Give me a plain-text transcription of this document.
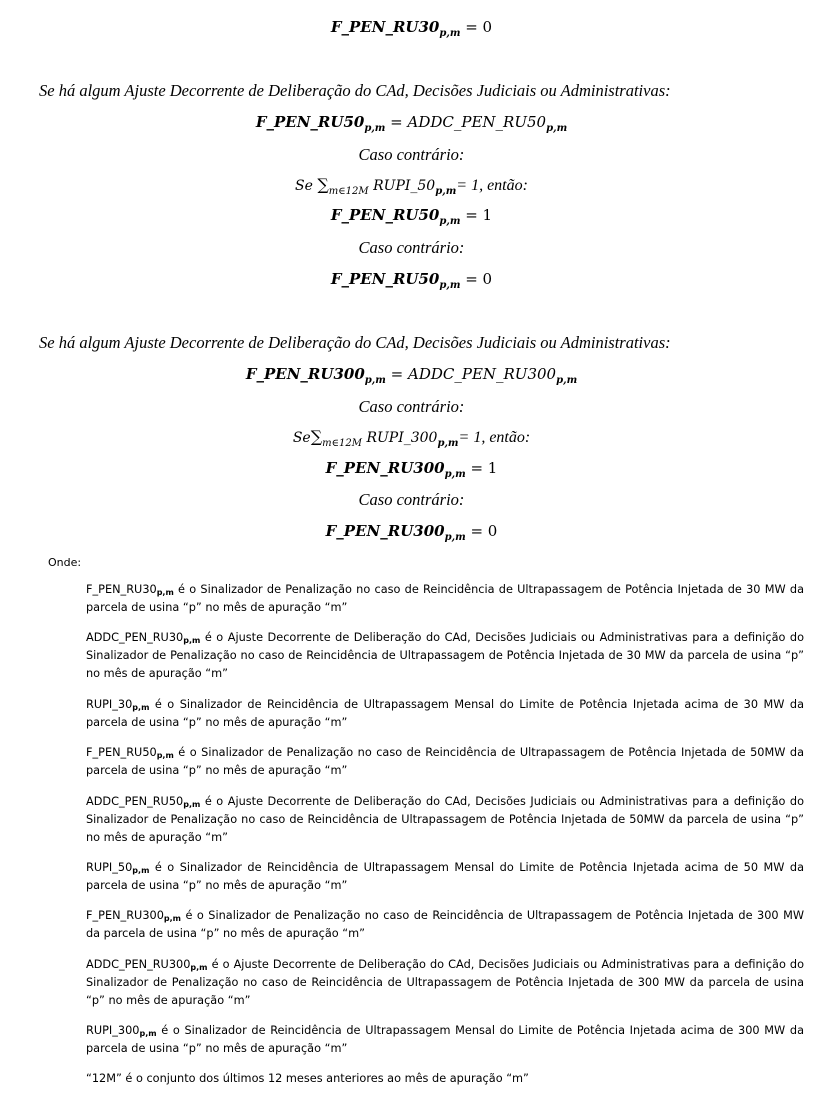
$F\_PEN\_RU30_{p,m} = 0$
Se há algum Ajuste Decorrente de Deliberação do CAd, Decisões Judiciais ou Administrativas:
$F\_PEN\_RU50_{p,m}$ = $ADDC\_PEN\_RU50_{p,m}$
Caso contrário:
Se $\sum_{m\in 12M}$ $RUPI\_50_{p,m}= 1$, então:
$F\_PEN\_RU50_{p,m} = 1$
Caso contrário:
$F\_PEN\_RU50_{p,m} = 0$
Se há algum Ajuste Decorrente de Deliberação do CAd, Decisões Judiciais ou Administrativas:
$F\_PEN\_RU300_{p,m}$ = $ADDC\_PEN\_RU300_{p,m}$
Caso contrário:
$Se\sum_{m\in 12M}$ $RUPI\_300_{p,m}= 1$, então:
$F\_PEN\_RU300_{p,m} = 1$
Caso contrário:
$F\_PEN\_RU300_{p,m} = 0$
Onde:
$F\_PEN\_RU30_{p,m}$ é o Sinalizador de Penalização no caso de Reincidência de Ultrapassagem de Potência Injetada de 30 MW da parcela de usina “p” no mês de apuração “m”
$ADDC\_PEN\_RU30_{p,m}$ é o Ajuste Decorrente de Deliberação do CAd, Decisões Judiciais ou Administrativas para a definição do Sinalizador de Penalização no caso de Reincidência de Ultrapassagem de Potência Injetada de 30 MW da parcela de usina “p” no mês de apuração “m”
$RUPI\_30_{p,m}$ é o Sinalizador de Reincidência de Ultrapassagem Mensal do Limite de Potência Injetada acima de 30 MW da parcela de usina “p” no mês de apuração “m”
$F\_PEN\_RU50_{p,m}$ é o Sinalizador de Penalização no caso de Reincidência de Ultrapassagem de Potência Injetada de 50MW da parcela de usina “p” no mês de apuração “m”
$ADDC\_PEN\_RU50_{p,m}$ é o Ajuste Decorrente de Deliberação do CAd, Decisões Judiciais ou Administrativas para a definição do Sinalizador de Penalização no caso de Reincidência de Ultrapassagem de Potência Injetada de 50MW da parcela de usina “p” no mês de apuração “m”
$RUPI\_50_{p,m}$ é o Sinalizador de Reincidência de Ultrapassagem Mensal do Limite de Potência Injetada acima de 50 MW da parcela de usina “p” no mês de apuração “m”
$F\_PEN\_RU300_{p,m}$ é o Sinalizador de Penalização no caso de Reincidência de Ultrapassagem de Potência Injetada de 300 MW da parcela de usina “p” no mês de apuração “m”
$ADDC\_PEN\_RU300_{p,m}$ é o Ajuste Decorrente de Deliberação do CAd, Decisões Judiciais ou Administrativas para a definição do Sinalizador de Penalização no caso de Reincidência de Ultrapassagem de Potência Injetada de 300 MW da parcela de usina “p” no mês de apuração “m”
$RUPI\_300_{p,m}$ é o Sinalizador de Reincidência de Ultrapassagem Mensal do Limite de Potência Injetada acima de 300 MW da parcela de usina “p” no mês de apuração “m”
“12M” é o conjunto dos últimos 12 meses anteriores ao mês de apuração “m”
